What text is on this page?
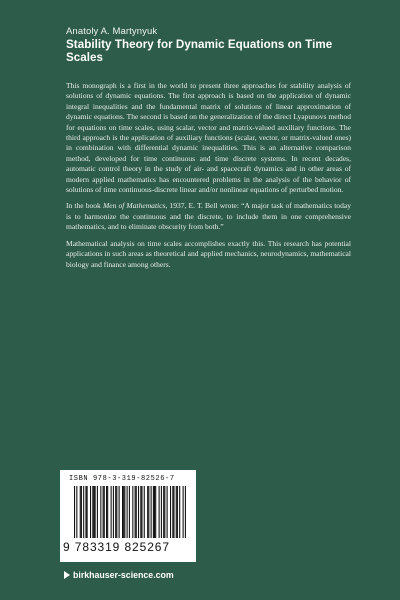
Anatoly A. Martynyuk
Stability Theory for Dynamic Equations on Time Scales

This monograph is a first in the world to present three approaches for stability analysis of solutions of dynamic equations. The first approach is based on the application of dynamic integral inequalities and the fundamental matrix of solutions of linear approximation of dynamic equations. The second is based on the generalization of the direct Lyapunovs method for equations on time scales, using scalar, vector and matrix-valued auxiliary functions. The third approach is the application of auxiliary functions (scalar, vector, or matrix-valued ones) in combination with differential dynamic inequalities. This is an alternative comparison method, developed for time continuous and time discrete systems. In recent decades, automatic control theory in the study of air- and spacecraft dynamics and in other areas of modern applied mathematics has encountered problems in the analysis of the behavior of solutions of time continuous-discrete linear and/or nonlinear equations of perturbed motion.

In the book Men of Mathematics, 1937, E. T. Bell wrote: “A major task of mathematics today is to harmonize the continuous and the discrete, to include them in one comprehensive mathematics, and to eliminate obscurity from both.”

Mathematical analysis on time scales accomplishes exactly this. This research has potential applications in such areas as theoretical and applied mechanics, neurodynamics, mathematical biology and finance among others.

ISBN 978-3-319-82526-7
9 783319 825267
birkhauser-science.com
